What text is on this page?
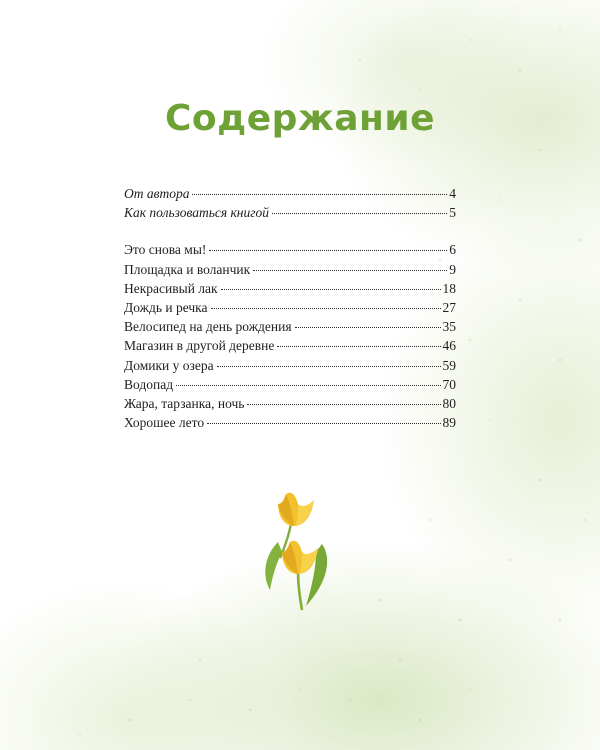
Содержание
От автора	4
Как пользоваться книгой	5
Это снова мы!	6
Площадка и воланчик	9
Некрасивый лак	18
Дождь и речка	27
Велосипед на день рождения	35
Магазин в другой деревне	46
Домики у озера	59
Водопад	70
Жара, тарзанка, ночь	80
Хорошее лето	89
